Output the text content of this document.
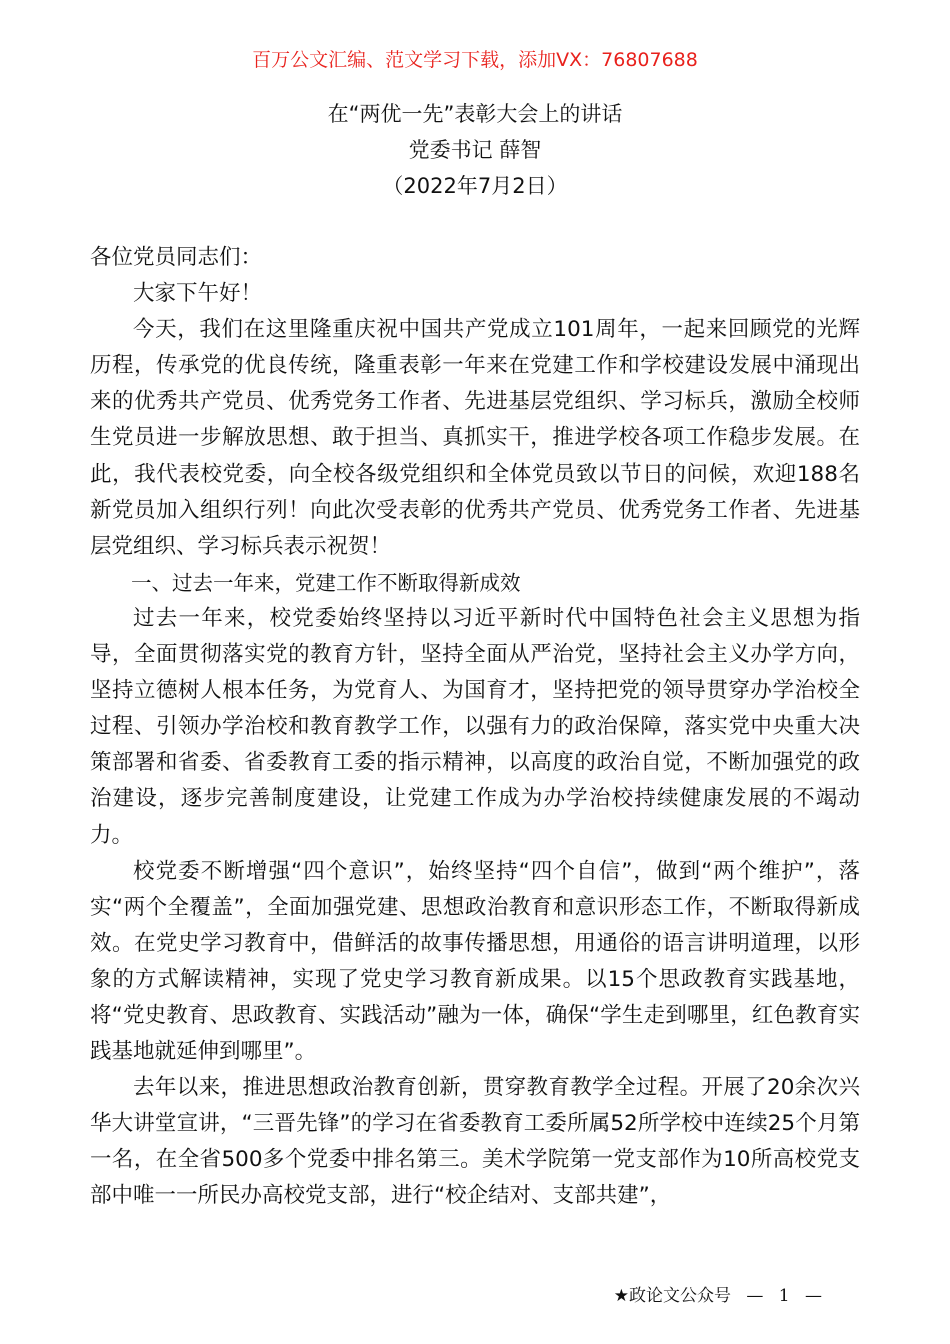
百万公文汇编、范文学习下载，添加VX：76807688
在“两优一先”表彰大会上的讲话
党委书记 薛智
（2022年7月2日）

各位党员同志们：

大家下午好！

今天，我们在这里隆重庆祝中国共产党成立101周年，一起来回顾党的光辉历程，传承党的优良传统，隆重表彰一年来在党建工作和学校建设发展中涌现出来的优秀共产党员、优秀党务工作者、先进基层党组织、学习标兵，激励全校师生党员进一步解放思想、敢于担当、真抓实干，推进学校各项工作稳步发展。在此，我代表校党委，向全校各级党组织和全体党员致以节日的问候，欢迎188名新党员加入组织行列！向此次受表彰的优秀共产党员、优秀党务工作者、先进基层党组织、学习标兵表示祝贺！

一、过去一年来，党建工作不断取得新成效

过去一年来，校党委始终坚持以习近平新时代中国特色社会主义思想为指导，全面贯彻落实党的教育方针，坚持全面从严治党，坚持社会主义办学方向，坚持立德树人根本任务，为党育人、为国育才，坚持把党的领导贯穿办学治校全过程、引领办学治校和教育教学工作，以强有力的政治保障，落实党中央重大决策部署和省委、省委教育工委的指示精神，以高度的政治自觉，不断加强党的政治建设，逐步完善制度建设，让党建工作成为办学治校持续健康发展的不竭动力。

校党委不断增强“四个意识”，始终坚持“四个自信”，做到“两个维护”，落实“两个全覆盖”，全面加强党建、思想政治教育和意识形态工作，不断取得新成效。在党史学习教育中，借鲜活的故事传播思想，用通俗的语言讲明道理，以形象的方式解读精神，实现了党史学习教育新成果。以15个思政教育实践基地，将“党史教育、思政教育、实践活动”融为一体，确保“学生走到哪里，红色教育实践基地就延伸到哪里”。

去年以来，推进思想政治教育创新，贯穿教育教学全过程。开展了20余次兴华大讲堂宣讲，“三晋先锋”的学习在省委教育工委所属52所学校中连续25个月第一名，在全省500多个党委中排名第三。美术学院第一党支部作为10所高校党支部中唯一一所民办高校党支部，进行“校企结对、支部共建”，

★政论文公众号 — 1 —
